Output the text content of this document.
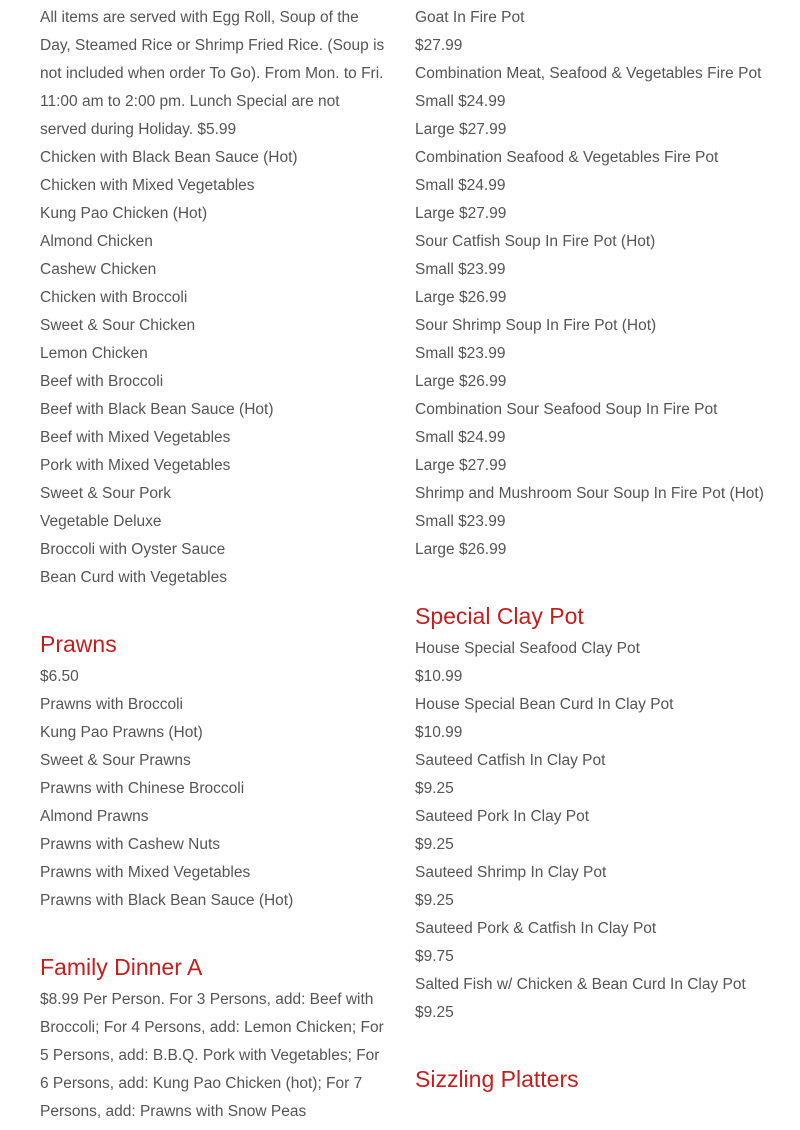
All items are served with Egg Roll, Soup of the Day, Steamed Rice or Shrimp Fried Rice. (Soup is not included when order To Go). From Mon. to Fri. 11:00 am to 2:00 pm. Lunch Special are not served during Holiday. $5.99

Chicken with Black Bean Sauce (Hot)

Chicken with Mixed Vegetables

Kung Pao Chicken (Hot)

Almond Chicken

Cashew Chicken

Chicken with Broccoli

Sweet & Sour Chicken

Lemon Chicken

Beef with Broccoli

Beef with Black Bean Sauce (Hot)

Beef with Mixed Vegetables

Pork with Mixed Vegetables

Sweet & Sour Pork

Vegetable Deluxe

Broccoli with Oyster Sauce

Bean Curd with Vegetables

Prawns

$6.50

Prawns with Broccoli

Kung Pao Prawns (Hot)

Sweet & Sour Prawns

Prawns with Chinese Broccoli

Almond Prawns

Prawns with Cashew Nuts

Prawns with Mixed Vegetables

Prawns with Black Bean Sauce (Hot)

Family Dinner A

$8.99 Per Person. For 3 Persons, add: Beef with Broccoli; For 4 Persons, add: Lemon Chicken; For 5 Persons, add: B.B.Q. Pork with Vegetables; For 6 Persons, add: Kung Pao Chicken (hot); For 7 Persons, add: Prawns with Snow Peas

Goat In Fire Pot

$27.99

Combination Meat, Seafood & Vegetables Fire Pot

Small $24.99

Large $27.99

Combination Seafood & Vegetables Fire Pot

Small $24.99

Large $27.99

Sour Catfish Soup In Fire Pot (Hot)

Small $23.99

Large $26.99

Sour Shrimp Soup In Fire Pot (Hot)

Small $23.99

Large $26.99

Combination Sour Seafood Soup In Fire Pot

Small $24.99

Large $27.99

Shrimp and Mushroom Sour Soup In Fire Pot (Hot)

Small $23.99

Large $26.99

Special Clay Pot

House Special Seafood Clay Pot

$10.99

House Special Bean Curd In Clay Pot

$10.99

Sauteed Catfish In Clay Pot

$9.25

Sauteed Pork In Clay Pot

$9.25

Sauteed Shrimp In Clay Pot

$9.25

Sauteed Pork & Catfish In Clay Pot

$9.75

Salted Fish w/ Chicken & Bean Curd In Clay Pot

$9.25

Sizzling Platters
